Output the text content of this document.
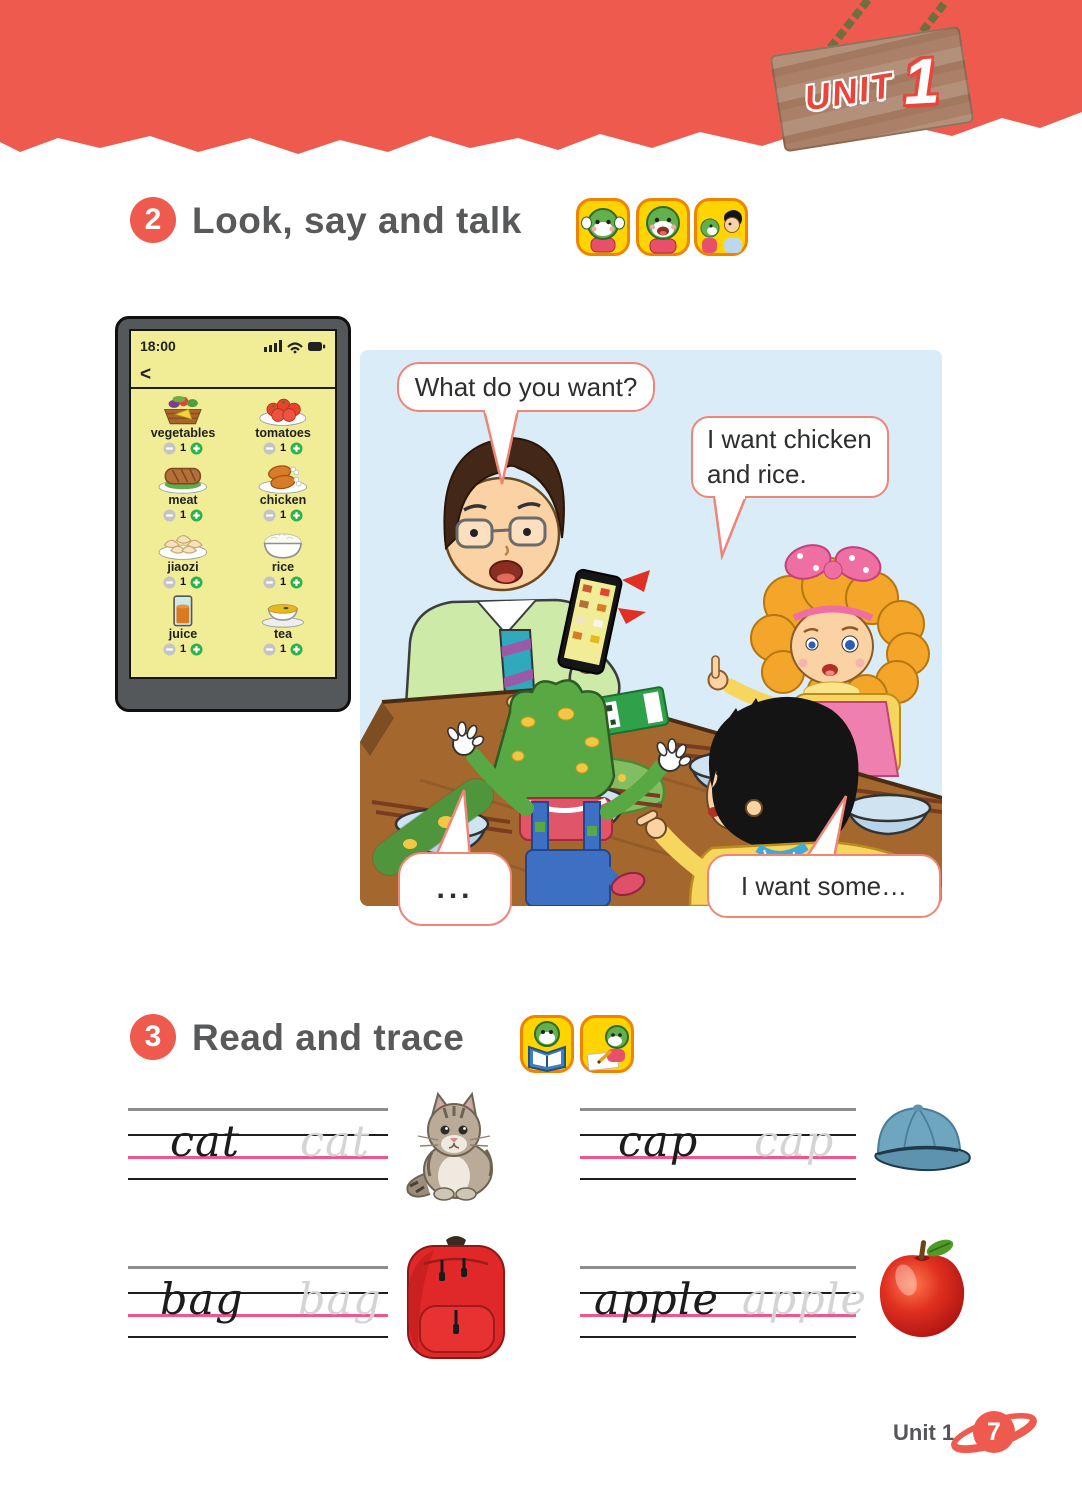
UNIT 1
2 Look, say and talk
18:00
<
vegetables
1
tomatoes
1
meat
1
chicken
1
jiaozi
1
rice
1
juice
1
tea
1
What do you want?
I want chicken and rice.
...	I want some…
3 Read and trace
cat cat	cap cap
bag bag	apple apple
Unit 1	7
